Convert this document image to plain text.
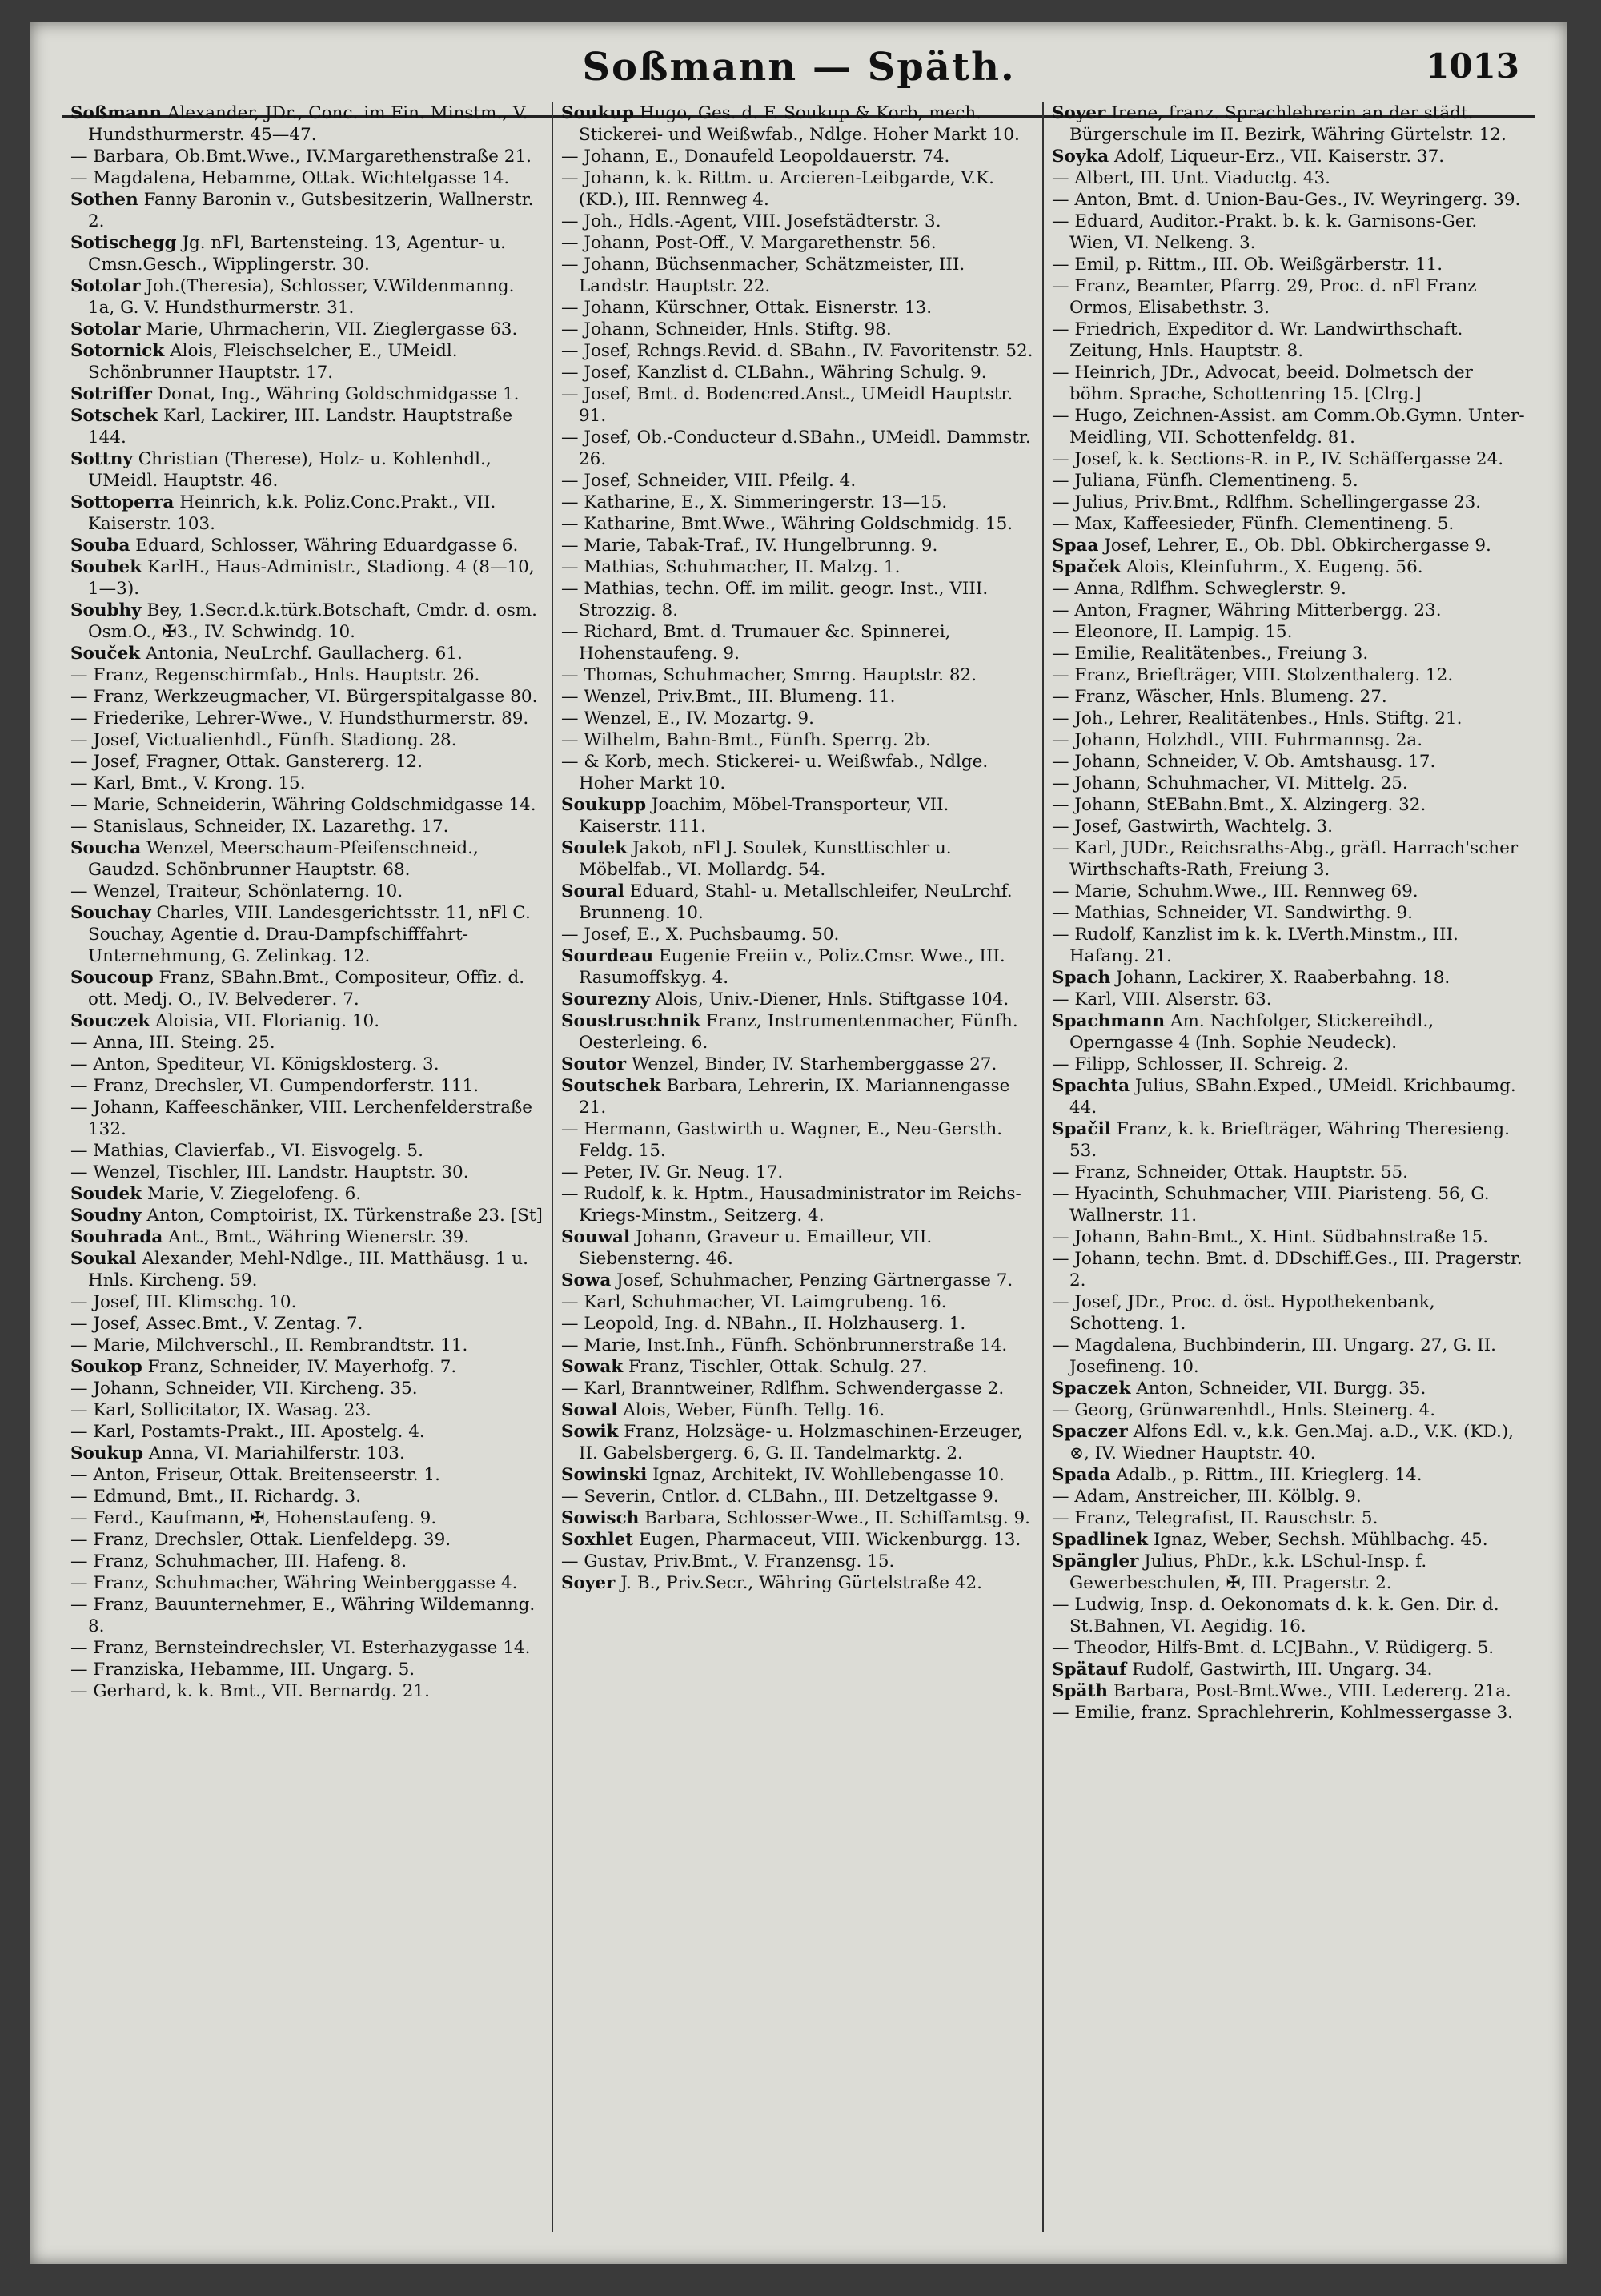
Soßmann — Späth.	1013

Soßmann Alexander, JDr., Conc. im Fin. Minstm., V. Hundsthurmerstr. 45—47.

— Barbara, Ob.Bmt.Wwe., IV.Margarethenstraße 21.

— Magdalena, Hebamme, Ottak. Wichtelgasse 14.

Sothen Fanny Baronin v., Gutsbesitzerin, Wallnerstr. 2.

Sotischegg Jg. nFl, Bartensteing. 13, Agentur- u. Cmsn.Gesch., Wipplingerstr. 30.

Sotolar Joh.(Theresia), Schlosser, V.Wildenmanng. 1a, G. V. Hundsthurmerstr. 31.

Sotolar Marie, Uhrmacherin, VII. Zieglergasse 63.

Sotornick Alois, Fleischselcher, E., UMeidl. Schönbrunner Hauptstr. 17.

Sotriffer Donat, Ing., Währing Goldschmidgasse 1.

Sotschek Karl, Lackirer, III. Landstr. Hauptstraße 144.

Sottny Christian (Therese), Holz- u. Kohlenhdl., UMeidl. Hauptstr. 46.

Sottoperra Heinrich, k.k. Poliz.Conc.Prakt., VII. Kaiserstr. 103.

Souba Eduard, Schlosser, Währing Eduardgasse 6.

Soubek KarlH., Haus-Administr., Stadiong. 4 (8—10, 1—3).

Soubhy Bey, 1.Secr.d.k.türk.Botschaft, Cmdr. d. osm. Osm.O., ✠3., IV. Schwindg. 10.

Souček Antonia, NeuLrchf. Gaullacherg. 61.

— Franz, Regenschirmfab., Hnls. Hauptstr. 26.

— Franz, Werkzeugmacher, VI. Bürgerspitalgasse 80.

— Friederike, Lehrer-Wwe., V. Hundsthurmerstr. 89.

— Josef, Victualienhdl., Fünfh. Stadiong. 28.

— Josef, Fragner, Ottak. Ganstererg. 12.

— Karl, Bmt., V. Krong. 15.

— Marie, Schneiderin, Währing Goldschmidgasse 14.

— Stanislaus, Schneider, IX. Lazarethg. 17.

Soucha Wenzel, Meerschaum-Pfeifenschneid., Gaudzd. Schönbrunner Hauptstr. 68.

— Wenzel, Traiteur, Schönlaterng. 10.

Souchay Charles, VIII. Landesgerichtsstr. 11, nFl C. Souchay, Agentie d. Drau-Dampfschifffahrt-Unternehmung, G. Zelinkag. 12.

Soucoup Franz, SBahn.Bmt., Compositeur, Offiz. d. ott. Medj. O., IV. Belvederег. 7.

Souczek Aloisia, VII. Florianig. 10.

— Anna, III. Steing. 25.

— Anton, Spediteur, VI. Königsklosterg. 3.

— Franz, Drechsler, VI. Gumpendorferstr. 111.

— Johann, Kaffeeschänker, VIII. Lerchenfelderstraße 132.

— Mathias, Clavierfab., VI. Eisvogelg. 5.

— Wenzel, Tischler, III. Landstr. Hauptstr. 30.

Soudek Marie, V. Ziegelofeng. 6.

Soudny Anton, Comptoirist, IX. Türkenstraße 23. [St]

Souhrada Ant., Bmt., Währing Wienerstr. 39.

Soukal Alexander, Mehl-Ndlge., III. Matthäusg. 1 u. Hnls. Kircheng. 59.

— Josef, III. Klimschg. 10.

— Josef, Assec.Bmt., V. Zentag. 7.

— Marie, Milchverschl., II. Rembrandtstr. 11.

Soukop Franz, Schneider, IV. Mayerhofg. 7.

— Johann, Schneider, VII. Kircheng. 35.

— Karl, Sollicitator, IX. Wasag. 23.

— Karl, Postamts-Prakt., III. Apostelg. 4.

Soukup Anna, VI. Mariahilferstr. 103.

— Anton, Friseur, Ottak. Breitenseerstr. 1.

— Edmund, Bmt., II. Richardg. 3.

— Ferd., Kaufmann, ✠, Hohenstaufeng. 9.

— Franz, Drechsler, Ottak. Lienfeldерg. 39.

— Franz, Schuhmacher, III. Hafeng. 8.

— Franz, Schuhmacher, Währing Weinberggasse 4.

— Franz, Bauunternehmer, E., Währing Wildemanng. 8.

— Franz, Bernsteindrechsler, VI. Esterhazygasse 14.

— Franziska, Hebamme, III. Ungarg. 5.

— Gerhard, k. k. Bmt., VII. Bernardg. 21.

Soukup Hugo, Ges. d. F. Soukup & Korb, mech. Stickerei- und Weißwfab., Ndlge. Hoher Markt 10.

— Johann, E., Donaufeld Leopoldauerstr. 74.

— Johann, k. k. Rittm. u. Arcieren-Leibgarde, V.K. (KD.), III. Rennweg 4.

— Joh., Hdls.-Agent, VIII. Josefstädterstr. 3.

— Johann, Post-Off., V. Margarethenstr. 56.

— Johann, Büchsenmacher, Schätzmeister, III. Landstr. Hauptstr. 22.

— Johann, Kürschner, Ottak. Eisnerstr. 13.

— Johann, Schneider, Hnls. Stiftg. 98.

— Josef, Rchngs.Revid. d. SBahn., IV. Favoritenstr. 52.

— Josef, Kanzlist d. CLBahn., Währing Schulg. 9.

— Josef, Bmt. d. Bodencred.Anst., UMeidl Hauptstr. 91.

— Josef, Ob.-Conducteur d.SBahn., UMeidl. Dammstr. 26.

— Josef, Schneider, VIII. Pfeilg. 4.

— Katharine, E., X. Simmeringerstr. 13—15.

— Katharine, Bmt.Wwe., Währing Goldschmidg. 15.

— Marie, Tabak-Traf., IV. Hungelbrunng. 9.

— Mathias, Schuhmacher, II. Malzg. 1.

— Mathias, techn. Off. im milit. geogr. Inst., VIII. Strozzig. 8.

— Richard, Bmt. d. Trumauer &c. Spinnerei, Hohenstaufeng. 9.

— Thomas, Schuhmacher, Smrng. Hauptstr. 82.

— Wenzel, Priv.Bmt., III. Blumeng. 11.

— Wenzel, E., IV. Mozartg. 9.

— Wilhelm, Bahn-Bmt., Fünfh. Sperrg. 2b.

— & Korb, mech. Stickerei- u. Weißwfab., Ndlge. Hoher Markt 10.

Soukupp Joachim, Möbel-Transporteur, VII. Kaiserstr. 111.

Soulek Jakob, nFl J. Soulek, Kunsttischler u. Möbelfab., VI. Mollardg. 54.

Soural Eduard, Stahl- u. Metallschleifer, NeuLrchf. Brunneng. 10.

— Josef, E., X. Puchsbaumg. 50.

Sourdeau Eugenie Freiin v., Poliz.Cmsr. Wwe., III. Rasumoffskyg. 4.

Sourezny Alois, Univ.-Diener, Hnls. Stiftgasse 104.

Soustruschnik Franz, Instrumentenmacher, Fünfh. Oesterleing. 6.

Soutor Wenzel, Binder, IV. Starhemberggasse 27.

Soutschek Barbara, Lehrerin, IX. Mariannengasse 21.

— Hermann, Gastwirth u. Wagner, E., Neu-Gersth. Feldg. 15.

— Peter, IV. Gr. Neug. 17.

— Rudolf, k. k. Hptm., Hausadministrator im Reichs-Kriegs-Minstm., Seitzerg. 4.

Souwal Johann, Graveur u. Emailleur, VII. Siebensterng. 46.

Sowa Josef, Schuhmacher, Penzing Gärtnergasse 7.

— Karl, Schuhmacher, VI. Laimgrubeng. 16.

— Leopold, Ing. d. NBahn., II. Holzhauserg. 1.

— Marie, Inst.Inh., Fünfh. Schönbrunnerstraße 14.

Sowak Franz, Tischler, Ottak. Schulg. 27.

— Karl, Branntweiner, Rdlfhm. Schwendergasse 2.

Sowal Alois, Weber, Fünfh. Tellg. 16.

Sowik Franz, Holzsäge- u. Holzmaschinen-Erzeuger, II. Gabelsbergerg. 6, G. II. Tandelmarktg. 2.

Sowinski Ignaz, Architekt, IV. Wohllebengasse 10.

— Severin, Cntlor. d. CLBahn., III. Detzeltgasse 9.

Sowisch Barbara, Schlosser-Wwe., II. Schiffamtsg. 9.

Soxhlet Eugen, Pharmaceut, VIII. Wickenburgg. 13.

— Gustav, Priv.Bmt., V. Franzensg. 15.

Soyer J. B., Priv.Secr., Währing Gürtelstraße 42.

Soyer Irene, franz. Sprachlehrerin an der städt. Bürgerschule im II. Bezirk, Währing Gürtelstr. 12.

Soyka Adolf, Liqueur-Erz., VII. Kaiserstr. 37.

— Albert, III. Unt. Viaductg. 43.

— Anton, Bmt. d. Union-Bau-Ges., IV. Weyringerg. 39.

— Eduard, Auditor.-Prakt. b. k. k. Garnisons-Ger. Wien, VI. Nelkeng. 3.

— Emil, p. Rittm., III. Ob. Weißgärberstr. 11.

— Franz, Beamter, Pfarrg. 29, Proc. d. nFl Franz Ormos, Elisabethstr. 3.

— Friedrich, Expeditor d. Wr. Landwirthschaft. Zeitung, Hnls. Hauptstr. 8.

— Heinrich, JDr., Advocat, beeid. Dolmetsch der böhm. Sprache, Schottenring 15. [Clrg.]

— Hugo, Zeichnen-Assist. am Comm.Ob.Gymn. Unter-Meidling, VII. Schottenfeldg. 81.

— Josef, k. k. Sections-R. in P., IV. Schäffergasse 24.

— Juliana, Fünfh. Clementineng. 5.

— Julius, Priv.Bmt., Rdlfhm. Schellingergasse 23.

— Max, Kaffeesieder, Fünfh. Clementineng. 5.

Spaa Josef, Lehrer, E., Ob. Dbl. Obkirchergasse 9.

Spaček Alois, Kleinfuhrm., X. Eugeng. 56.

— Anna, Rdlfhm. Schweglerstr. 9.

— Anton, Fragner, Währing Mitterbergg. 23.

— Eleonore, II. Lampig. 15.

— Emilie, Realitätenbes., Freiung 3.

— Franz, Briefträger, VIII. Stolzenthalerg. 12.

— Franz, Wäscher, Hnls. Blumeng. 27.

— Joh., Lehrer, Realitätenbes., Hnls. Stiftg. 21.

— Johann, Holzhdl., VIII. Fuhrmannsg. 2a.

— Johann, Schneider, V. Ob. Amtshausg. 17.

— Johann, Schuhmacher, VI. Mittelg. 25.

— Johann, StEBahn.Bmt., X. Alzingerg. 32.

— Josef, Gastwirth, Wachtelg. 3.

— Karl, JUDr., Reichsraths-Abg., gräfl. Harrach'scher Wirthschafts-Rath, Freiung 3.

— Marie, Schuhm.Wwe., III. Rennweg 69.

— Mathias, Schneider, VI. Sandwirthg. 9.

— Rudolf, Kanzlist im k. k. LVerth.Minstm., III. Hafang. 21.

Spach Johann, Lackirer, X. Raaberbahng. 18.

— Karl, VIII. Alserstr. 63.

Spachmann Am. Nachfolger, Stickereihdl., Operngasse 4 (Inh. Sophie Neudeck).

— Filipp, Schlosser, II. Schreig. 2.

Spachta Julius, SBahn.Exped., UMeidl. Krichbaumg. 44.

Spačil Franz, k. k. Briefträger, Währing Theresieng. 53.

— Franz, Schneider, Ottak. Hauptstr. 55.

— Hyacinth, Schuhmacher, VIII. Piaristeng. 56, G. Wallnerstr. 11.

— Johann, Bahn-Bmt., X. Hint. Südbahnstraße 15.

— Johann, techn. Bmt. d. DDschiff.Ges., III. Pragerstr. 2.

— Josef, JDr., Proc. d. öst. Hypothekenbank, Schotteng. 1.

— Magdalena, Buchbinderin, III. Ungarg. 27, G. II. Josefineng. 10.

Spaczek Anton, Schneider, VII. Burgg. 35.

— Georg, Grünwarenhdl., Hnls. Steinerg. 4.

Spaczer Alfons Edl. v., k.k. Gen.Maj. a.D., V.K. (KD.), ⊗, IV. Wiedner Hauptstr. 40.

Spada Adalb., p. Rittm., III. Krieglerg. 14.

— Adam, Anstreicher, III. Kölblg. 9.

— Franz, Telegrafist, II. Rauschstr. 5.

Spadlinek Ignaz, Weber, Sechsh. Mühlbachg. 45.

Spängler Julius, PhDr., k.k. LSchul-Insp. f. Gewerbeschulen, ✠, III. Pragerstr. 2.

— Ludwig, Insp. d. Oekonomats d. k. k. Gen. Dir. d. St.Bahnen, VI. Aegidig. 16.

— Theodor, Hilfs-Bmt. d. LCJBahn., V. Rüdigerg. 5.

Spätauf Rudolf, Gastwirth, III. Ungarg. 34.

Späth Barbara, Post-Bmt.Wwe., VIII. Ledererg. 21a.

— Emilie, franz. Sprachlehrerin, Kohlmessergasse 3.
